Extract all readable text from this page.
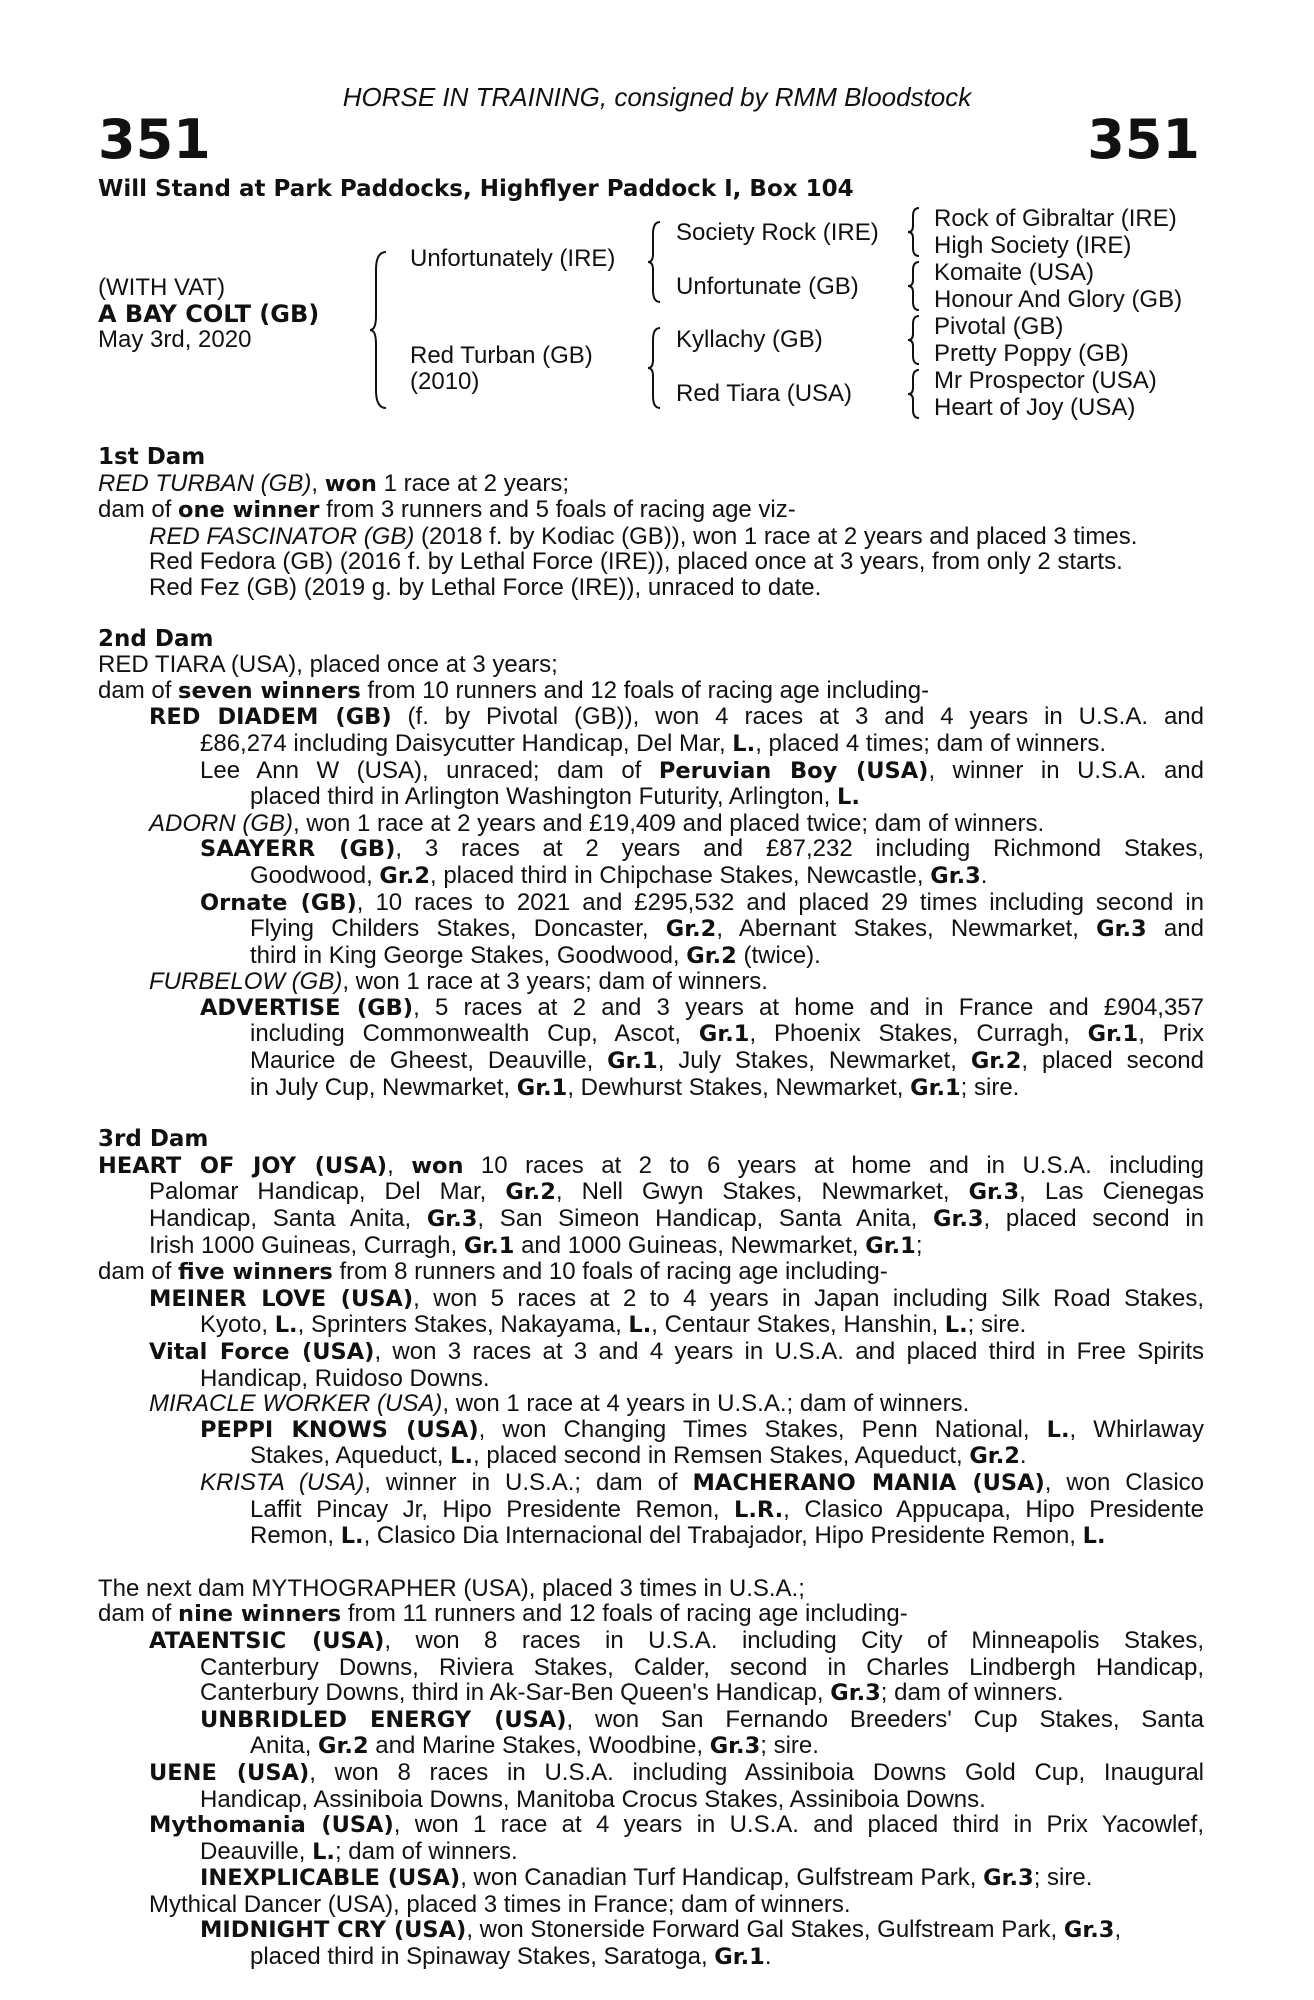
HORSE IN TRAINING, consigned by RMM Bloodstock
351	351
Will Stand at Park Paddocks, Highflyer Paddock I, Box 104
(WITH VAT)
A BAY COLT (GB)
May 3rd, 2020
Unfortunately (IRE)
Red Turban (GB)
(2010)
Society Rock (IRE)
Unfortunate (GB)
Kyllachy (GB)
Red Tiara (USA)
Rock of Gibraltar (IRE)
High Society (IRE)
Komaite (USA)
Honour And Glory (GB)
Pivotal (GB)
Pretty Poppy (GB)
Mr Prospector (USA)
Heart of Joy (USA)
1st Dam
RED TURBAN (GB), won 1 race at 2 years;
dam of one winner from 3 runners and 5 foals of racing age viz-
RED FASCINATOR (GB) (2018 f. by Kodiac (GB)), won 1 race at 2 years and placed 3 times.
Red Fedora (GB) (2016 f. by Lethal Force (IRE)), placed once at 3 years, from only 2 starts.
Red Fez (GB) (2019 g. by Lethal Force (IRE)), unraced to date.
2nd Dam
RED TIARA (USA), placed once at 3 years;
dam of seven winners from 10 runners and 12 foals of racing age including-
RED DIADEM (GB) (f. by Pivotal (GB)), won 4 races at 3 and 4 years in U.S.A. and
£86,274 including Daisycutter Handicap, Del Mar, L., placed 4 times; dam of winners.
Lee Ann W (USA), unraced; dam of Peruvian Boy (USA), winner in U.S.A. and
placed third in Arlington Washington Futurity, Arlington, L.
ADORN (GB), won 1 race at 2 years and £19,409 and placed twice; dam of winners.
SAAYERR (GB), 3 races at 2 years and £87,232 including Richmond Stakes,
Goodwood, Gr.2, placed third in Chipchase Stakes, Newcastle, Gr.3.
Ornate (GB), 10 races to 2021 and £295,532 and placed 29 times including second in
Flying Childers Stakes, Doncaster, Gr.2, Abernant Stakes, Newmarket, Gr.3 and
third in King George Stakes, Goodwood, Gr.2 (twice).
FURBELOW (GB), won 1 race at 3 years; dam of winners.
ADVERTISE (GB), 5 races at 2 and 3 years at home and in France and £904,357
including Commonwealth Cup, Ascot, Gr.1, Phoenix Stakes, Curragh, Gr.1, Prix
Maurice de Gheest, Deauville, Gr.1, July Stakes, Newmarket, Gr.2, placed second
in July Cup, Newmarket, Gr.1, Dewhurst Stakes, Newmarket, Gr.1; sire.
3rd Dam
HEART OF JOY (USA), won 10 races at 2 to 6 years at home and in U.S.A. including
Palomar Handicap, Del Mar, Gr.2, Nell Gwyn Stakes, Newmarket, Gr.3, Las Cienegas
Handicap, Santa Anita, Gr.3, San Simeon Handicap, Santa Anita, Gr.3, placed second in
Irish 1000 Guineas, Curragh, Gr.1 and 1000 Guineas, Newmarket, Gr.1;
dam of five winners from 8 runners and 10 foals of racing age including-
MEINER LOVE (USA), won 5 races at 2 to 4 years in Japan including Silk Road Stakes,
Kyoto, L., Sprinters Stakes, Nakayama, L., Centaur Stakes, Hanshin, L.; sire.
Vital Force (USA), won 3 races at 3 and 4 years in U.S.A. and placed third in Free Spirits
Handicap, Ruidoso Downs.
MIRACLE WORKER (USA), won 1 race at 4 years in U.S.A.; dam of winners.
PEPPI KNOWS (USA), won Changing Times Stakes, Penn National, L., Whirlaway
Stakes, Aqueduct, L., placed second in Remsen Stakes, Aqueduct, Gr.2.
KRISTA (USA), winner in U.S.A.; dam of MACHERANO MANIA (USA), won Clasico
Laffit Pincay Jr, Hipo Presidente Remon, L.R., Clasico Appucapa, Hipo Presidente
Remon, L., Clasico Dia Internacional del Trabajador, Hipo Presidente Remon, L.
The next dam MYTHOGRAPHER (USA), placed 3 times in U.S.A.;
dam of nine winners from 11 runners and 12 foals of racing age including-
ATAENTSIC (USA), won 8 races in U.S.A. including City of Minneapolis Stakes,
Canterbury Downs, Riviera Stakes, Calder, second in Charles Lindbergh Handicap,
Canterbury Downs, third in Ak-Sar-Ben Queen's Handicap, Gr.3; dam of winners.
UNBRIDLED ENERGY (USA), won San Fernando Breeders' Cup Stakes, Santa
Anita, Gr.2 and Marine Stakes, Woodbine, Gr.3; sire.
UENE (USA), won 8 races in U.S.A. including Assiniboia Downs Gold Cup, Inaugural
Handicap, Assiniboia Downs, Manitoba Crocus Stakes, Assiniboia Downs.
Mythomania (USA), won 1 race at 4 years in U.S.A. and placed third in Prix Yacowlef,
Deauville, L.; dam of winners.
INEXPLICABLE (USA), won Canadian Turf Handicap, Gulfstream Park, Gr.3; sire.
Mythical Dancer (USA), placed 3 times in France; dam of winners.
MIDNIGHT CRY (USA), won Stonerside Forward Gal Stakes, Gulfstream Park, Gr.3,
placed third in Spinaway Stakes, Saratoga, Gr.1.
